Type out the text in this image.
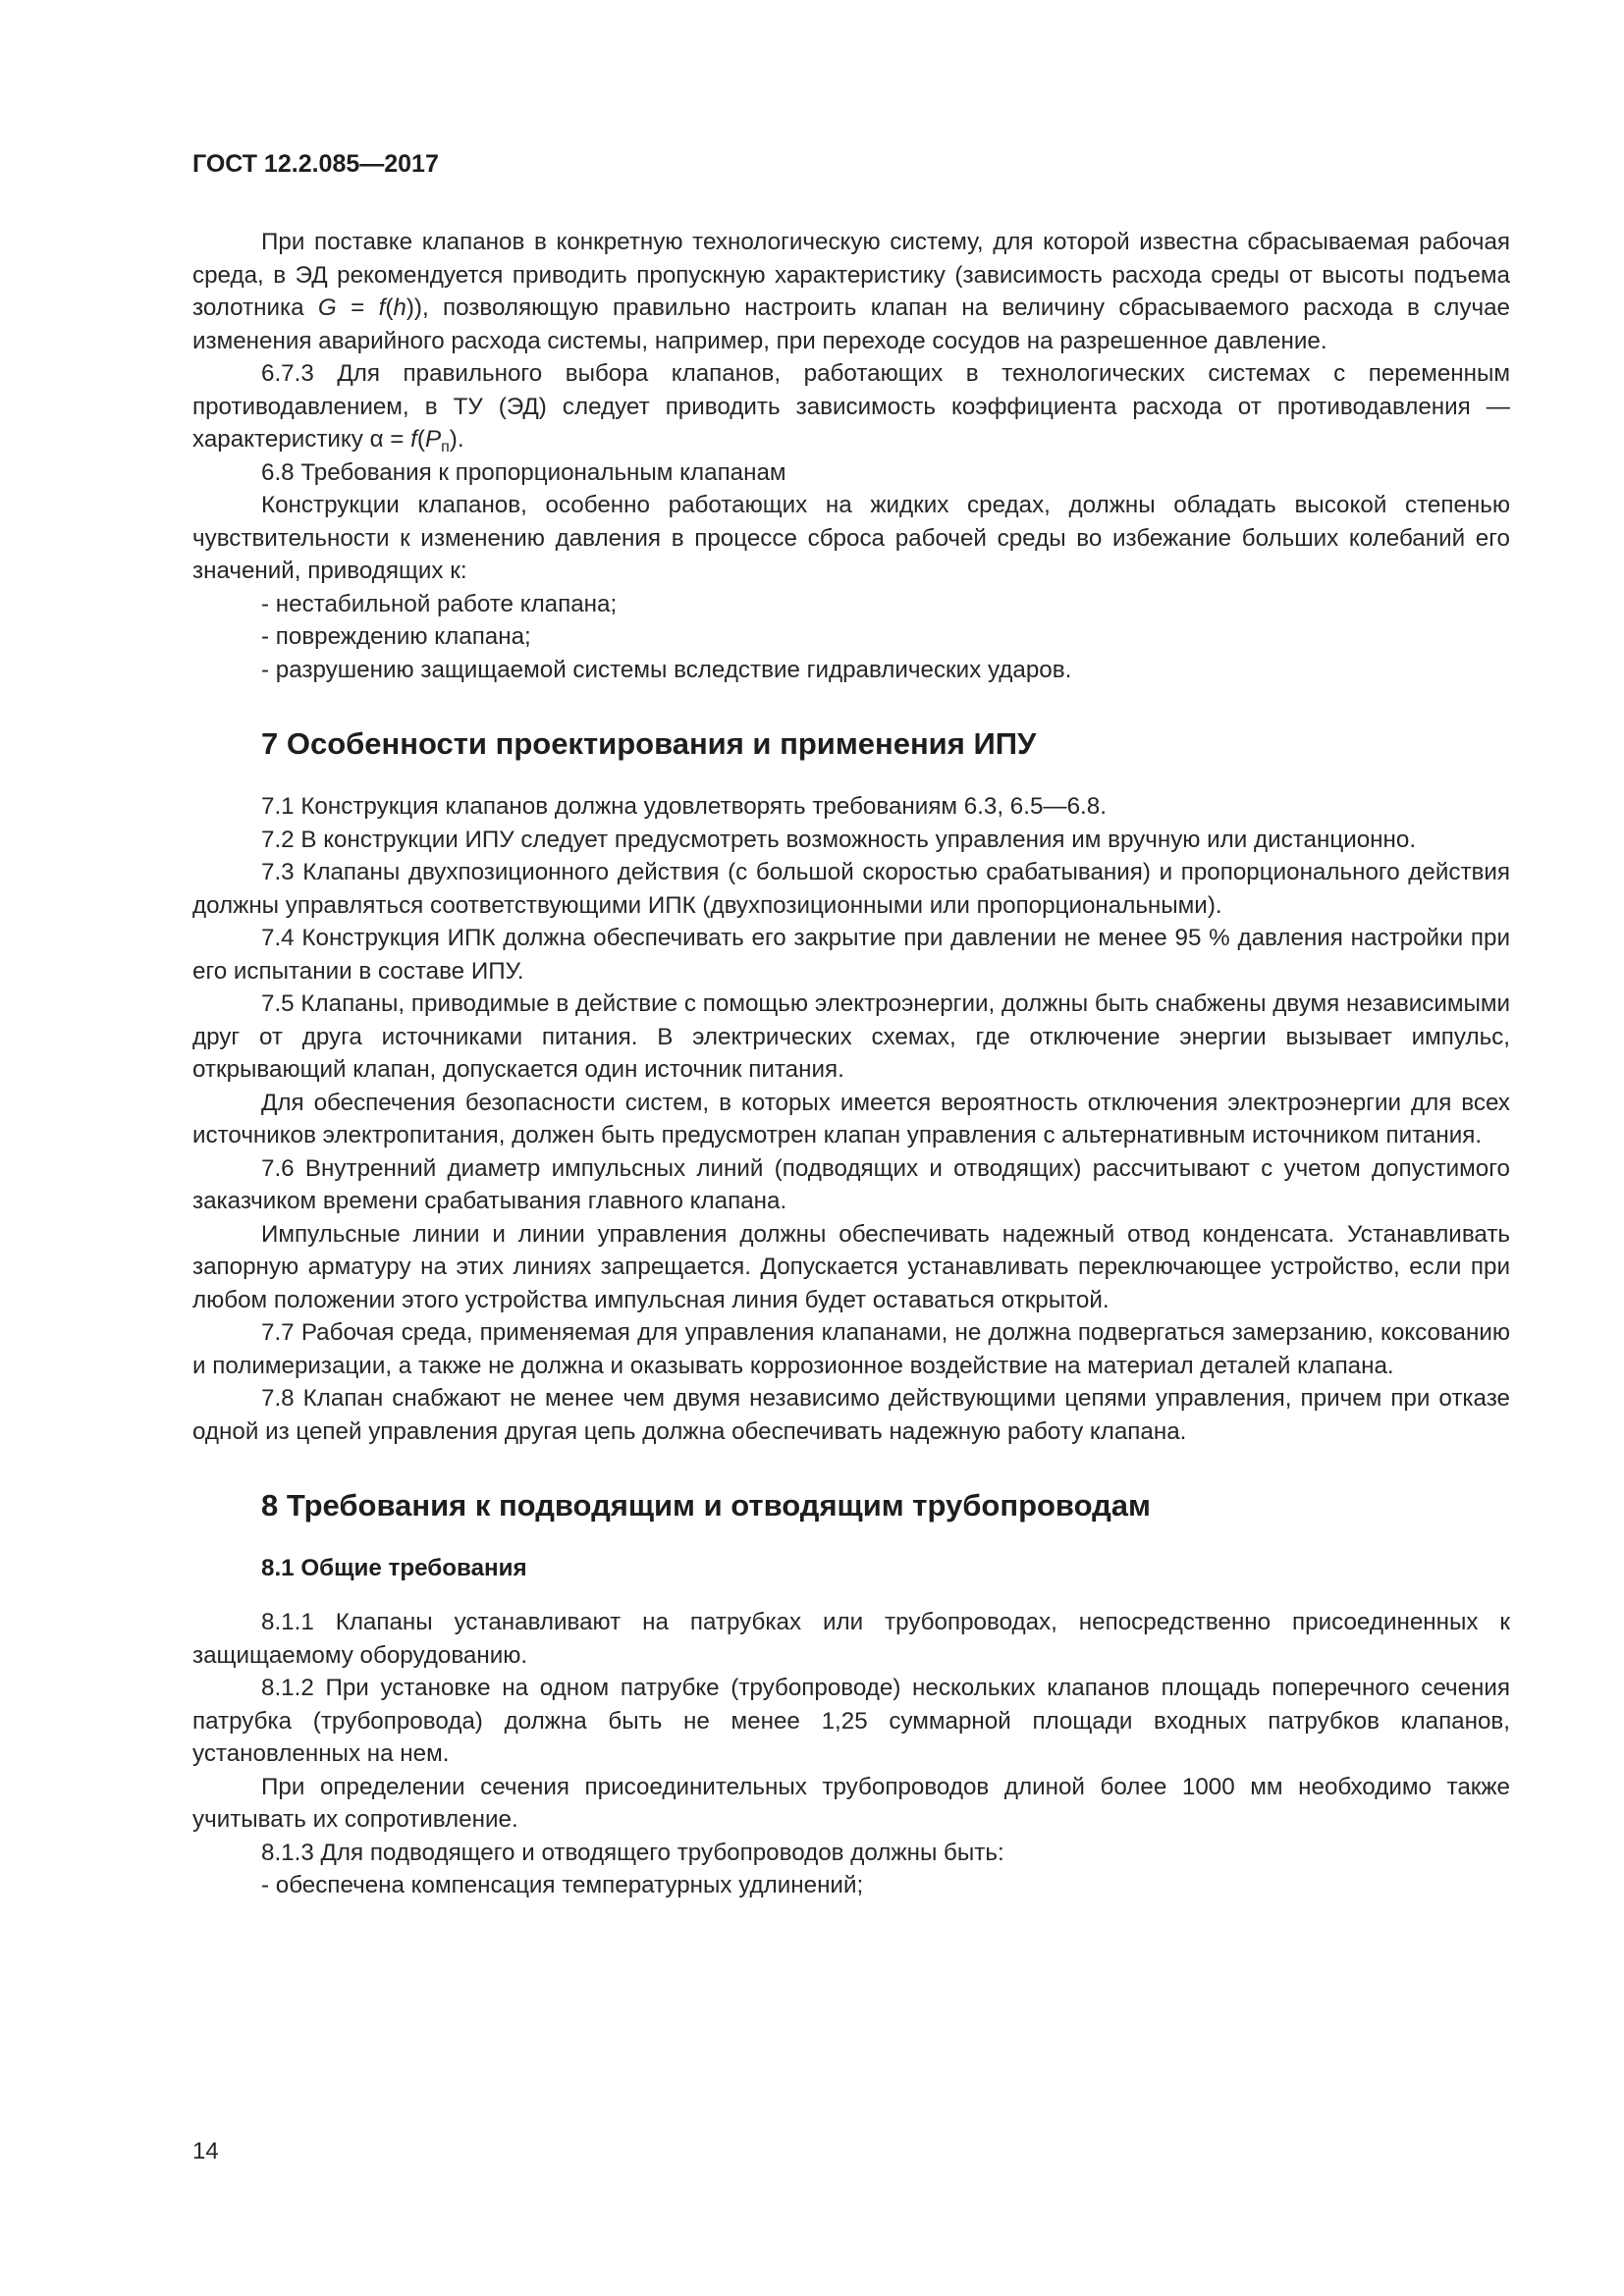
ГОСТ 12.2.085—2017

При поставке клапанов в конкретную технологическую систему, для которой известна сбрасываемая рабочая среда, в ЭД рекомендуется приводить пропускную характеристику (зависимость расхода среды от высоты подъема золотника G = f(h)), позволяющую правильно настроить клапан на величину сбрасываемого расхода в случае изменения аварийного расхода системы, например, при переходе сосудов на разрешенное давление.

6.7.3 Для правильного выбора клапанов, работающих в технологических системах с переменным противодавлением, в ТУ (ЭД) следует приводить зависимость коэффициента расхода от противодавления — характеристику $\alpha = f(P_п)$.

6.8 Требования к пропорциональным клапанам

Конструкции клапанов, особенно работающих на жидких средах, должны обладать высокой степенью чувствительности к изменению давления в процессе сброса рабочей среды во избежание больших колебаний его значений, приводящих к:

- нестабильной работе клапана;

- повреждению клапана;

- разрушению защищаемой системы вследствие гидравлических ударов.

7 Особенности проектирования и применения ИПУ

7.1 Конструкция клапанов должна удовлетворять требованиям 6.3, 6.5—6.8.

7.2 В конструкции ИПУ следует предусмотреть возможность управления им вручную или дистанционно.

7.3 Клапаны двухпозиционного действия (с большой скоростью срабатывания) и пропорционального действия должны управляться соответствующими ИПК (двухпозиционными или пропорциональными).

7.4 Конструкция ИПК должна обеспечивать его закрытие при давлении не менее 95 % давления настройки при его испытании в составе ИПУ.

7.5 Клапаны, приводимые в действие с помощью электроэнергии, должны быть снабжены двумя независимыми друг от друга источниками питания. В электрических схемах, где отключение энергии вызывает импульс, открывающий клапан, допускается один источник питания.

Для обеспечения безопасности систем, в которых имеется вероятность отключения электроэнергии для всех источников электропитания, должен быть предусмотрен клапан управления с альтернативным источником питания.

7.6 Внутренний диаметр импульсных линий (подводящих и отводящих) рассчитывают с учетом допустимого заказчиком времени срабатывания главного клапана.

Импульсные линии и линии управления должны обеспечивать надежный отвод конденсата. Устанавливать запорную арматуру на этих линиях запрещается. Допускается устанавливать переключающее устройство, если при любом положении этого устройства импульсная линия будет оставаться открытой.

7.7 Рабочая среда, применяемая для управления клапанами, не должна подвергаться замерзанию, коксованию и полимеризации, а также не должна и оказывать коррозионное воздействие на материал деталей клапана.

7.8 Клапан снабжают не менее чем двумя независимо действующими цепями управления, причем при отказе одной из цепей управления другая цепь должна обеспечивать надежную работу клапана.

8 Требования к подводящим и отводящим трубопроводам
8.1 Общие требования

8.1.1 Клапаны устанавливают на патрубках или трубопроводах, непосредственно присоединенных к защищаемому оборудованию.

8.1.2 При установке на одном патрубке (трубопроводе) нескольких клапанов площадь поперечного сечения патрубка (трубопровода) должна быть не менее 1,25 суммарной площади входных патрубков клапанов, установленных на нем.

При определении сечения присоединительных трубопроводов длиной более 1000 мм необходимо также учитывать их сопротивление.

8.1.3 Для подводящего и отводящего трубопроводов должны быть:

- обеспечена компенсация температурных удлинений;

14
